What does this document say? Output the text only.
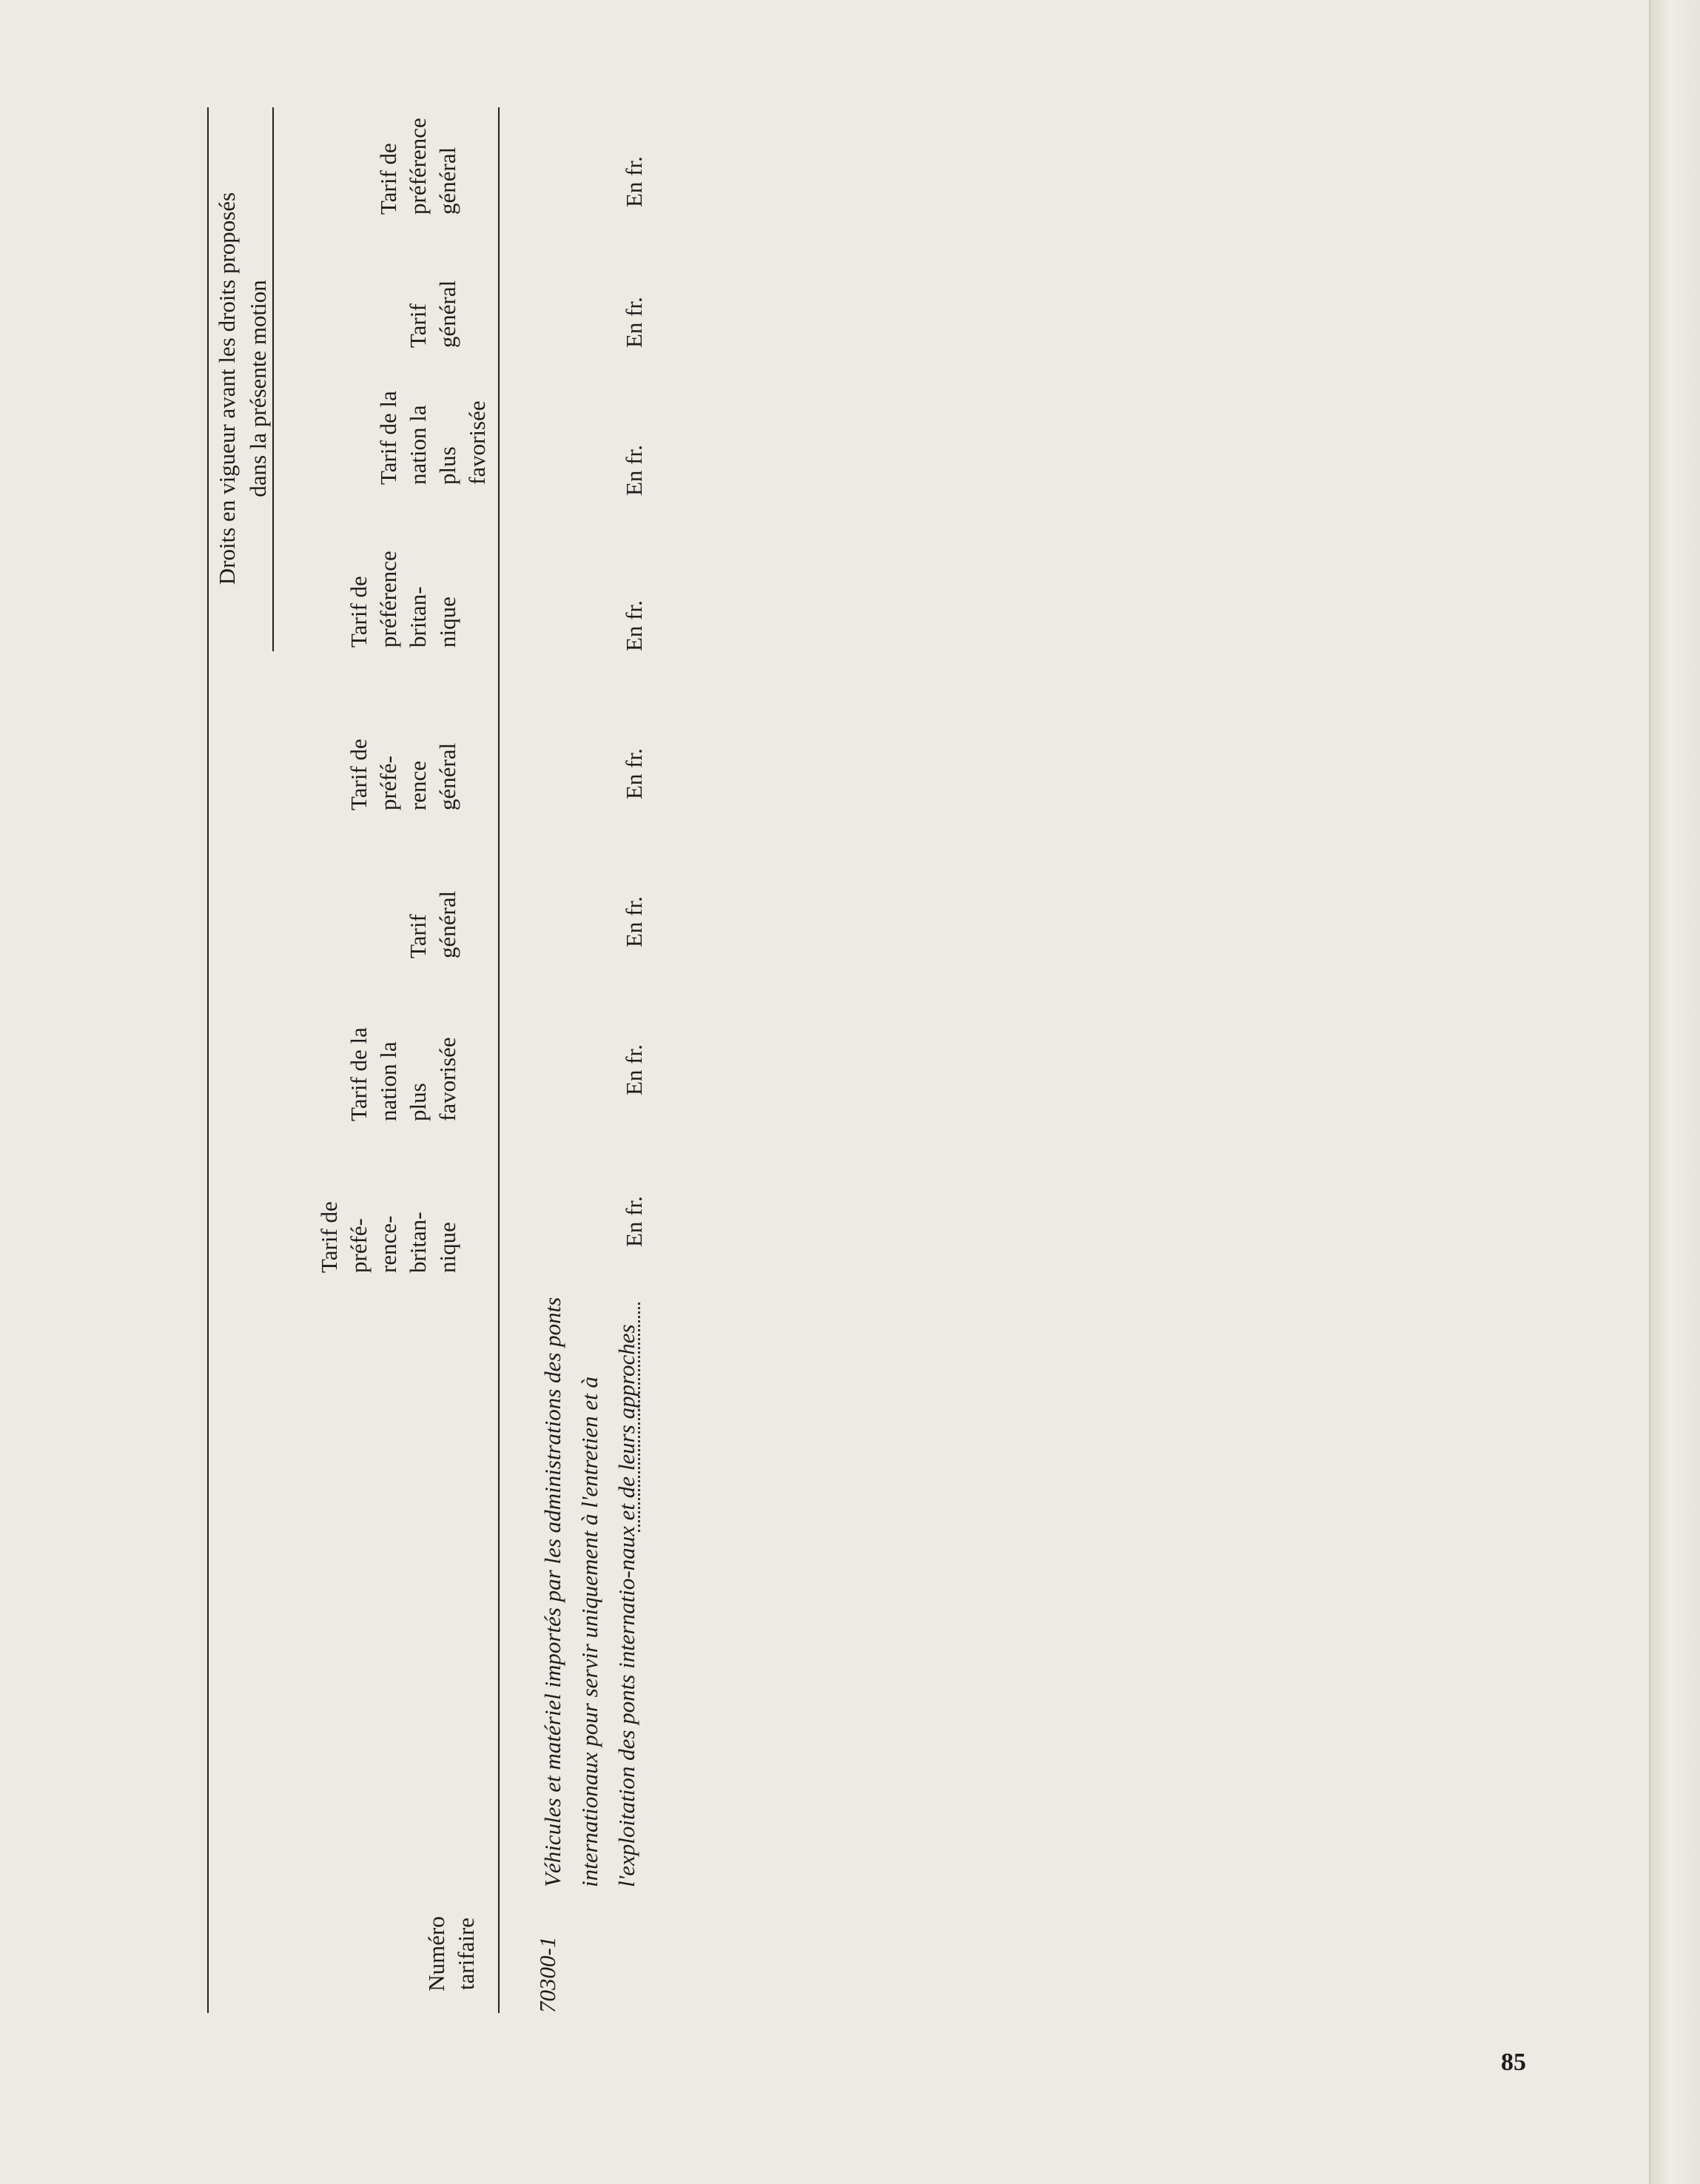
Numéro tarifaire
Droits en vigueur avant les droits proposés dans la présente motion
Tarif de préfé-rence-britan-nique
Tarif de la nation la plus favorisée
Tarif général
Tarif de préfé-rence général
Tarif de préférence britan-nique
Tarif de la nation la plus favorisée
Tarif général
Tarif de préférence général
70300-1
Véhicules et matériel importés par les administrations des ponts internationaux pour servir uniquement à l'entretien et à l'exploitation des ponts internatio-naux et de leurs approches
En fr.
En fr.
En fr.
En fr.
En fr.
En fr.
En fr.
En fr.
85
